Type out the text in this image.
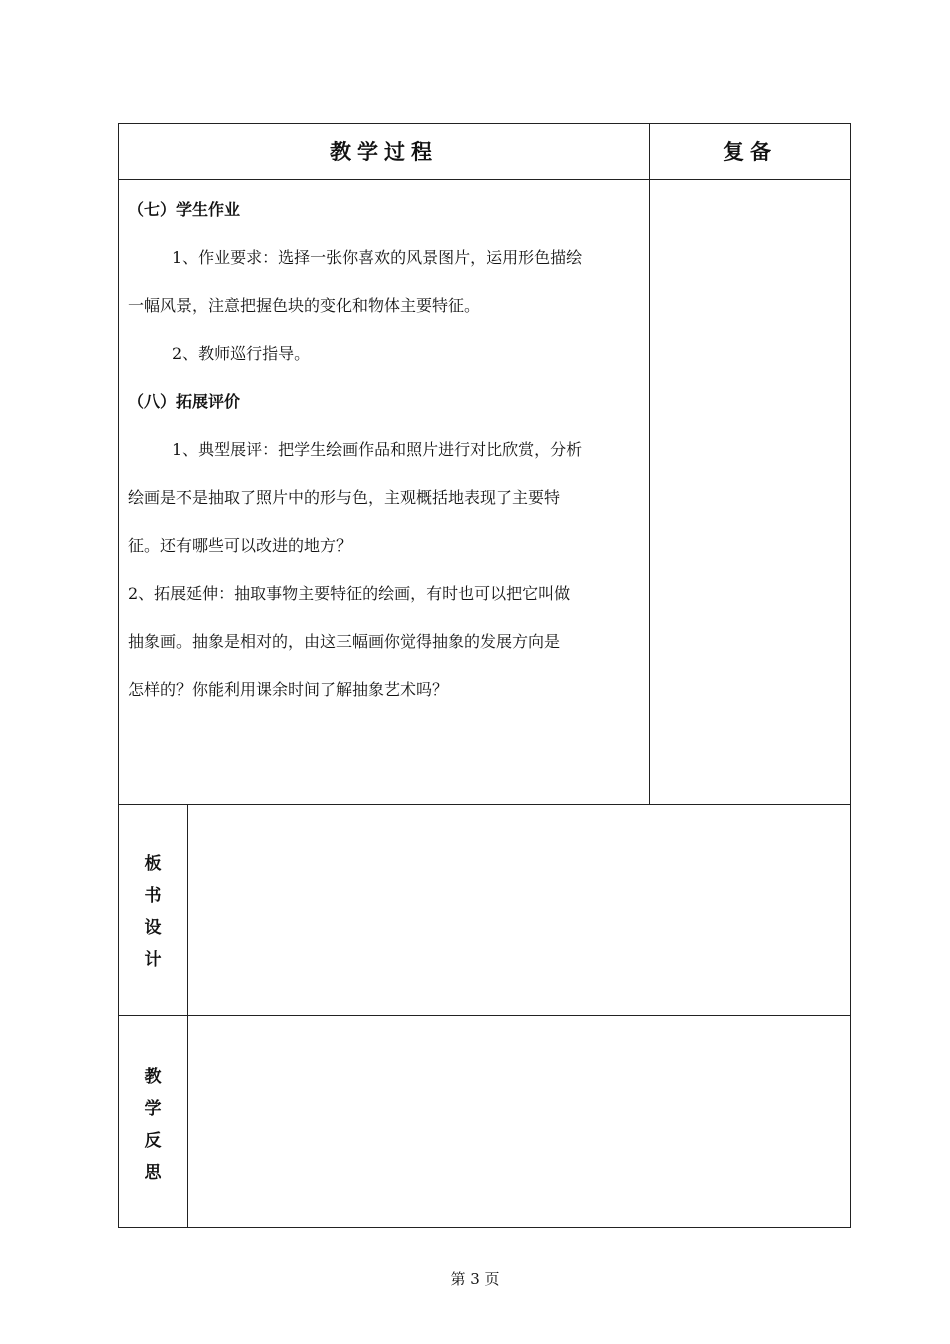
教学过程	复备

（七）学生作业

1、作业要求：选择一张你喜欢的风景图片，运用形色描绘

一幅风景，注意把握色块的变化和物体主要特征。

2、教师巡行指导。

（八）拓展评价

1、典型展评：把学生绘画作品和照片进行对比欣赏，分析

绘画是不是抽取了照片中的形与色，主观概括地表现了主要特

征。还有哪些可以改进的地方？

2、拓展延伸：抽取事物主要特征的绘画，有时也可以把它叫做

抽象画。抽象是相对的，由这三幅画你觉得抽象的发展方向是

怎样的？你能利用课余时间了解抽象艺术吗？

板
书
设
计
教
学
反
思
第 3 页
